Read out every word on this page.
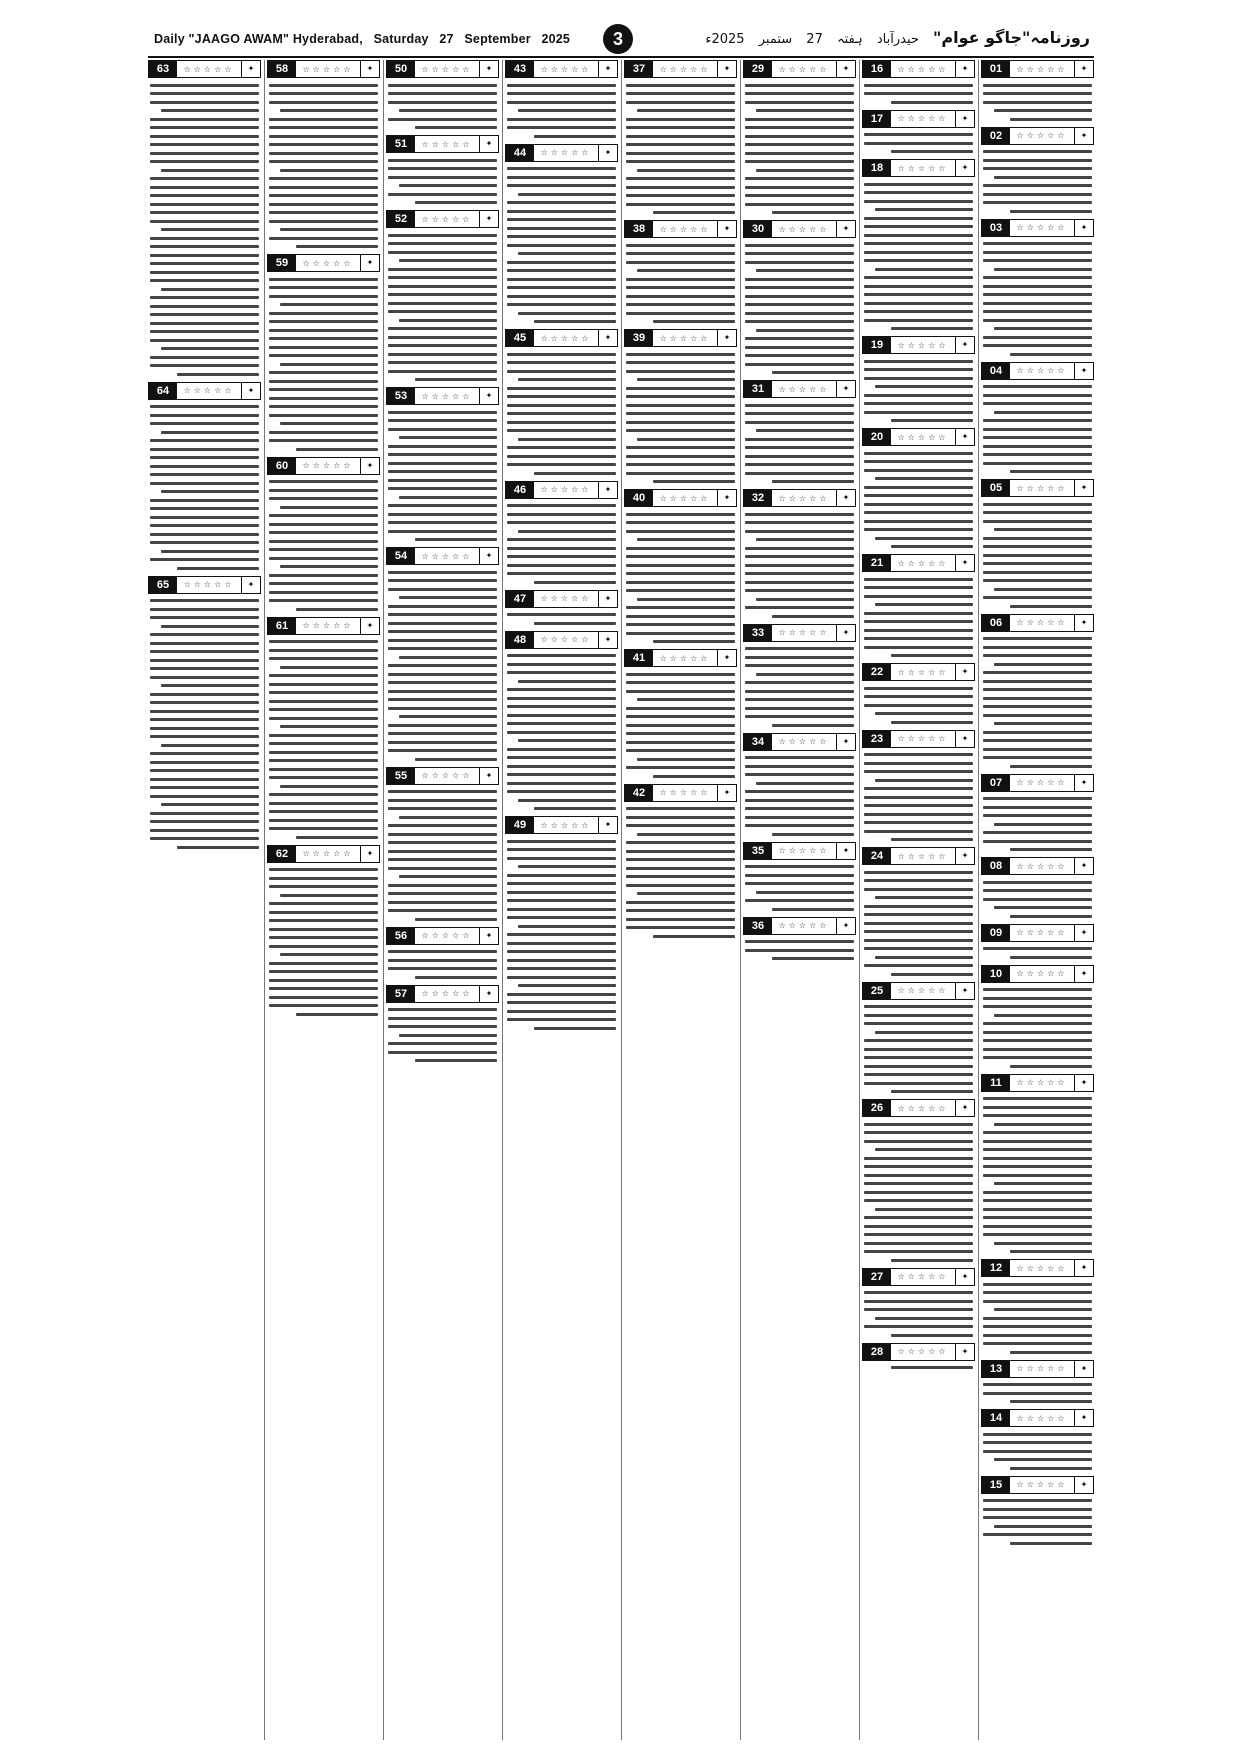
Daily "JAAGO AWAM" Hyderabad, Saturday 27 September 2025	3	روزنامہ"جاگو عوام" حیدرآباد ہفتہ 27 ستمبر 2025ء
01	☆☆☆☆☆	✦
02	☆☆☆☆☆	✦
03	☆☆☆☆☆	✦
04	☆☆☆☆☆	✦
05	☆☆☆☆☆	✦
06	☆☆☆☆☆	✦
07	☆☆☆☆☆	✦
08	☆☆☆☆☆	✦
09	☆☆☆☆☆	✦
10	☆☆☆☆☆	✦
11	☆☆☆☆☆	✦
12	☆☆☆☆☆	✦
13	☆☆☆☆☆	✦
14	☆☆☆☆☆	✦
15	☆☆☆☆☆	✦
16	☆☆☆☆☆	✦
17	☆☆☆☆☆	✦
18	☆☆☆☆☆	✦
19	☆☆☆☆☆	✦
20	☆☆☆☆☆	✦
21	☆☆☆☆☆	✦
22	☆☆☆☆☆	✦
23	☆☆☆☆☆	✦
24	☆☆☆☆☆	✦
25	☆☆☆☆☆	✦
26	☆☆☆☆☆	✦
27	☆☆☆☆☆	✦
28	☆☆☆☆☆	✦
29	☆☆☆☆☆	✦
30	☆☆☆☆☆	✦
31	☆☆☆☆☆	✦
32	☆☆☆☆☆	✦
33	☆☆☆☆☆	✦
34	☆☆☆☆☆	✦
35	☆☆☆☆☆	✦
36	☆☆☆☆☆	✦
37	☆☆☆☆☆	✦
38	☆☆☆☆☆	✦
39	☆☆☆☆☆	✦
40	☆☆☆☆☆	✦
41	☆☆☆☆☆	✦
42	☆☆☆☆☆	✦
43	☆☆☆☆☆	✦
44	☆☆☆☆☆	✦
45	☆☆☆☆☆	✦
46	☆☆☆☆☆	✦
47	☆☆☆☆☆	✦
48	☆☆☆☆☆	✦
49	☆☆☆☆☆	✦
50	☆☆☆☆☆	✦
51	☆☆☆☆☆	✦
52	☆☆☆☆☆	✦
53	☆☆☆☆☆	✦
54	☆☆☆☆☆	✦
55	☆☆☆☆☆	✦
56	☆☆☆☆☆	✦
57	☆☆☆☆☆	✦
58	☆☆☆☆☆	✦
59	☆☆☆☆☆	✦
60	☆☆☆☆☆	✦
61	☆☆☆☆☆	✦
62	☆☆☆☆☆	✦
63	☆☆☆☆☆	✦
64	☆☆☆☆☆	✦
65	☆☆☆☆☆	✦
